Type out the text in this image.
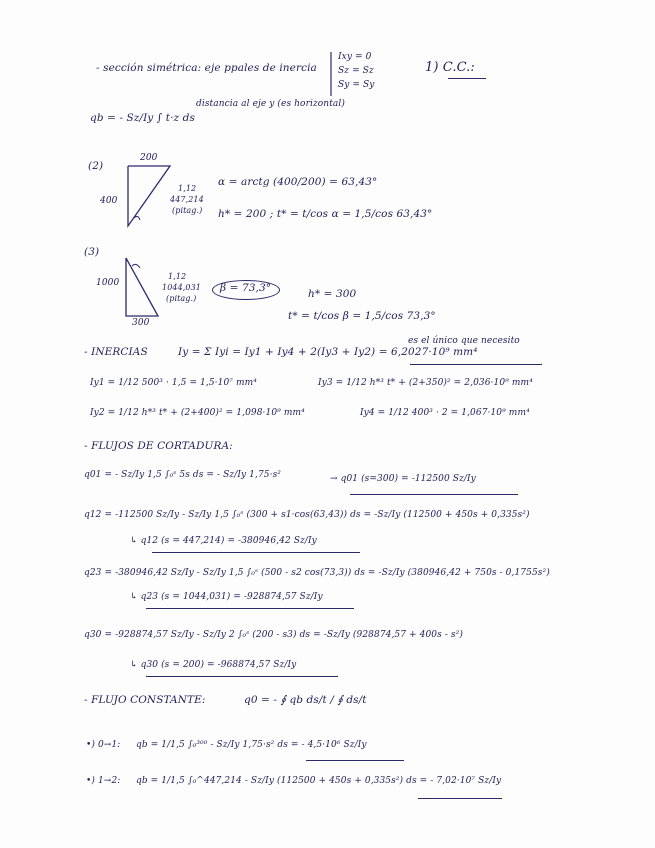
- sección simétrica: eje ppales de inercia
Ixy = 0
Sz = Sz
Sy = Sy
1) C.C.:
qb = - Sz/Iy ∫ t·z ds
distancia al eje y (es horizontal)
(2)
200
400
1,12
447,214
(pitag.)
α = arctg (400/200) = 63,43°
h* = 200 ; t* = t/cos α = 1,5/cos 63,43°
(3)
1000
1,12
1044,031
(pitag.)
300
β = 73,3°	h* = 300
t* = t/cos β = 1,5/cos 73,3°
es el único que necesito
- INERCIAS	Iy = Σ Iyi = Iy1 + Iy4 + 2(Iy3 + Iy2) = 6,2027·10⁹ mm⁴
Iy1 = 1/12 500³ · 1,5 = 1,5·10⁷ mm⁴	Iy3 = 1/12 h*³ t* + (2+350)² = 2,036·10⁹ mm⁴
Iy2 = 1/12 h*³ t* + (2+400)² = 1,098·10⁹ mm⁴	Iy4 = 1/12 400³ · 2 = 1,067·10⁹ mm⁴
- FLUJOS DE CORTADURA:
q01 = - Sz/Iy 1,5 ∫₀ˢ 5s ds = - Sz/Iy 1,75·s²	→ q01 (s=300) = -112500 Sz/Iy
q12 = -112500 Sz/Iy - Sz/Iy 1,5 ∫₀ˢ (300 + s1·cos(63,43)) ds = -Sz/Iy (112500 + 450s + 0,335s²)
↳ q12 (s = 447,214) = -380946,42 Sz/Iy
q23 = -380946,42 Sz/Iy - Sz/Iy 1,5 ∫₀ˢ (500 - s2 cos(73,3)) ds = -Sz/Iy (380946,42 + 750s - 0,1755s²)
↳ q23 (s = 1044,031) = -928874,57 Sz/Iy
q30 = -928874,57 Sz/Iy - Sz/Iy 2 ∫₀ˢ (200 - s3) ds = -Sz/Iy (928874,57 + 400s - s²)
↳ q30 (s = 200) = -968874,57 Sz/Iy
- FLUJO CONSTANTE:	q0 = - ∮ qb ds/t / ∮ ds/t
•) 0→1: qb = 1/1,5 ∫₀³⁰⁰ - Sz/Iy 1,75·s² ds = - 4,5·10⁶ Sz/Iy
•) 1→2: qb = 1/1,5 ∫₀^447,214 - Sz/Iy (112500 + 450s + 0,335s²) ds = - 7,02·10⁷ Sz/Iy
